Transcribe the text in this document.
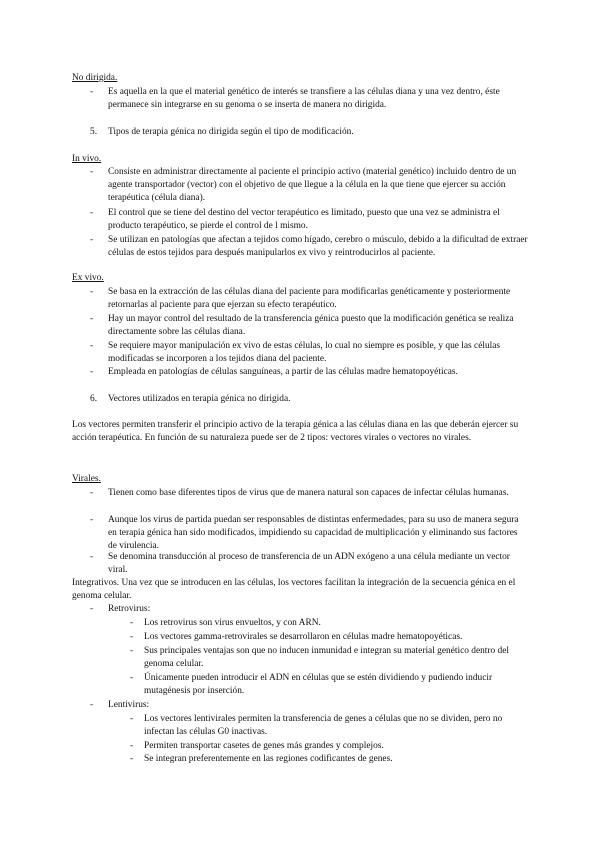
No dirigida.
- Es aquella en la que el material genético de interés se transfiere a las células diana y una vez dentro, éste permanece sin integrarse en su genoma o se inserta de manera no dirigida.
5. Tipos de terapia génica no dirigida según el tipo de modificación.
In vivo.
- Consiste en administrar directamente al paciente el principio activo (material genético) incluido dentro de un agente transportador (vector) con el objetivo de que llegue a la célula en la que tiene que ejercer su acción terapéutica (célula diana).
- El control que se tiene del destino del vector terapéutico es limitado, puesto que una vez se administra el producto terapéutico, se pierde el control de l mismo.
- Se utilizan en patologías que afectan a tejidos como hígado, cerebro o músculo, debido a la dificultad de extraer células de estos tejidos para después manipularlos ex vivo y reintroducirlos al paciente.
Ex vivo.
- Se basa en la extracción de las células diana del paciente para modificarlas genéticamente y posteriormente retornarlas al paciente para que ejerzan su efecto terapéutico.
- Hay un mayor control del resultado de la transferencia génica puesto que la modificación genética se realiza directamente sobre las células diana.
- Se requiere mayor manipulación ex vivo de estas células, lo cual no siempre es posible, y que las células modificadas se incorporen a los tejidos diana del paciente.
- Empleada en patologías de células sanguíneas, a partir de las células madre hematopoyéticas.
6. Vectores utilizados en terapia génica no dirigida.
Los vectores permiten transferir el principio activo de la terapia génica a las células diana en las que deberán ejercer su acción terapéutica. En función de su naturaleza puede ser de 2 tipos: vectores virales o vectores no virales.
Virales.
- Tienen como base diferentes tipos de virus que de manera natural son capaces de infectar células humanas.
- Aunque los virus de partida puedan ser responsables de distintas enfermedades, para su uso de manera segura en terapia génica han sido modificados, impidiendo su capacidad de multiplicación y eliminando sus factores de virulencia.
- Se denomina transducción al proceso de transferencia de un ADN exógeno a una célula mediante un vector viral.
Integrativos. Una vez que se introducen en las células, los vectores facilitan la integración de la secuencia génica en el genoma celular.
- Retrovirus:
- Los retrovirus son virus envueltos, y con ARN.
- Los vectores gamma-retrovirales se desarrollaron en células madre hematopoyéticas.
- Sus principales ventajas son que no inducen inmunidad e integran su material genético dentro del genoma celular.
- Únicamente pueden introducir el ADN en células que se estén dividiendo y pudiendo inducir mutagénesis por inserción.
- Lentivirus:
- Los vectores lentivirales permiten la transferencia de genes a células que no se dividen, pero no infectan las células G0 inactivas.
- Permiten transportar casetes de genes más grandes y complejos.
- Se integran preferentemente en las regiones codificantes de genes.
